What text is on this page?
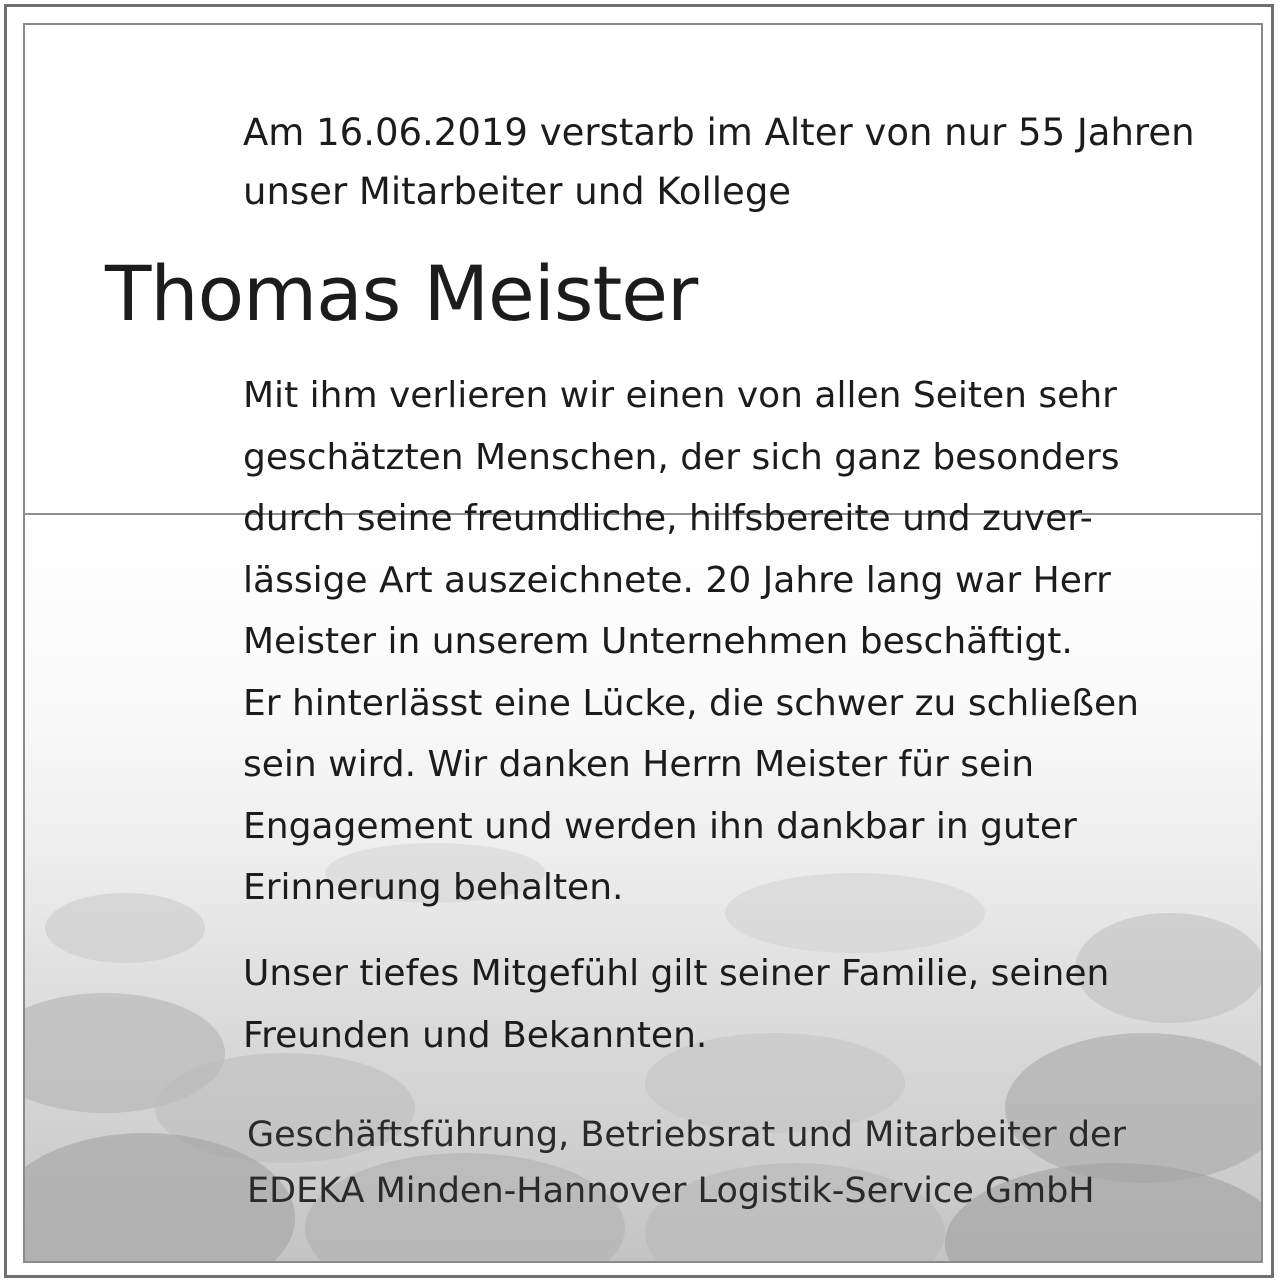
Am 16.06.2019 verstarb im Alter von nur 55 Jahren
unser Mitarbeiter und Kollege

Thomas Meister

Mit ihm verlieren wir einen von allen Seiten sehr
geschätzten Menschen, der sich ganz besonders
durch seine freundliche, hilfsbereite und zuver-
lässige Art auszeichnete. 20 Jahre lang war Herr
Meister in unserem Unternehmen beschäftigt.
Er hinterlässt eine Lücke, die schwer zu schließen
sein wird. Wir danken Herrn Meister für sein
Engagement und werden ihn dankbar in guter
Erinnerung behalten.

Unser tiefes Mitgefühl gilt seiner Familie, seinen
Freunden und Bekannten.

Geschäftsführung, Betriebsrat und Mitarbeiter der
EDEKA Minden-Hannover Logistik-Service GmbH
